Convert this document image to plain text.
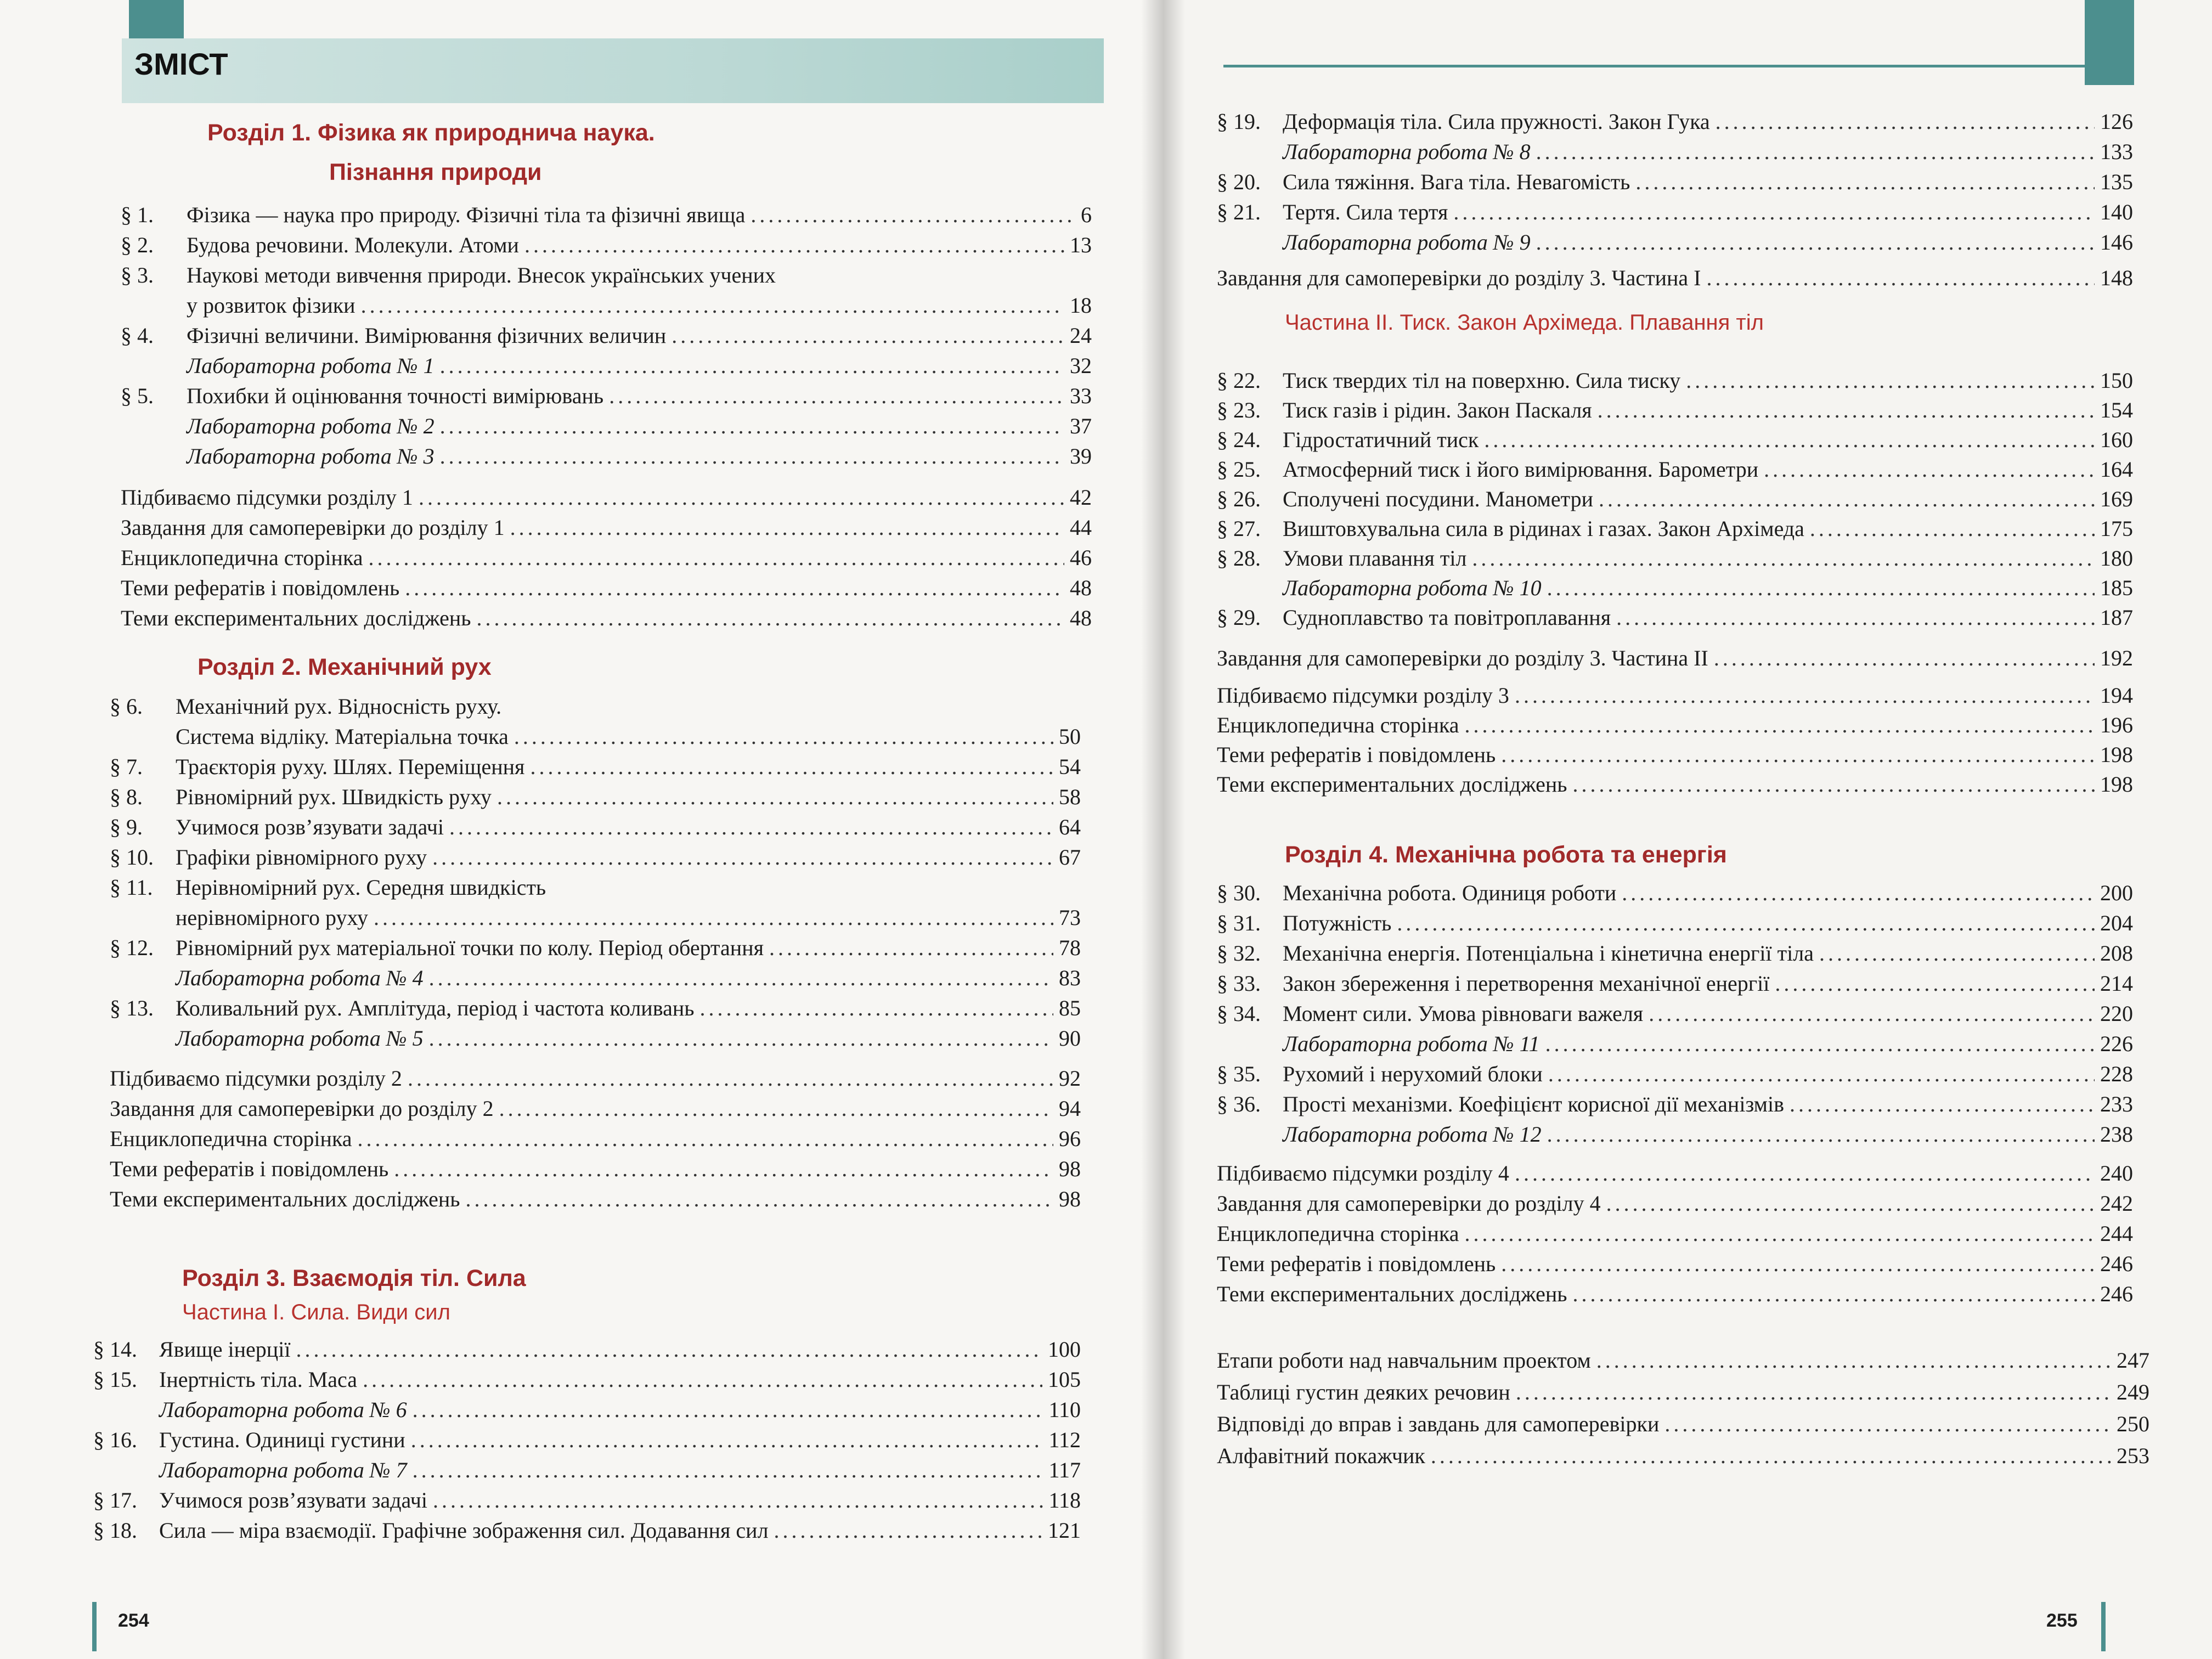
ЗМІСТ
Розділ 1. Фізика як природнича наука.
Пізнання природи
§ 1.	Фізика — наука про природу. Фізичні тіла та фізичні явища .....	6
§ 2.	Будова речовини. Молекули. Атоми .....	13
§ 3.	Наукові методи вивчення природи. Внесок українських учених
у розвиток фізики .....	18
§ 4.	Фізичні величини. Вимірювання фізичних величин .....	24
Лабораторна робота № 1 .....	32
§ 5.	Похибки й оцінювання точності вимірювань .....	33
Лабораторна робота № 2 .....	37
Лабораторна робота № 3 .....	39
Підбиваємо підсумки розділу 1 .....	42
Завдання для самоперевірки до розділу 1 .....	44
Енциклопедична сторінка .....	46
Теми рефератів і повідомлень .....	48
Теми експериментальних досліджень .....	48
Розділ 2. Механічний рух
§ 6.	Механічний рух. Відносність руху.
Система відліку. Матеріальна точка .....	50
§ 7.	Траєкторія руху. Шлях. Переміщення .....	54
§ 8.	Рівномірний рух. Швидкість руху .....	58
§ 9.	Учимося розв’язувати задачі .....	64
§ 10.	Графіки рівномірного руху .....	67
§ 11.	Нерівномірний рух. Середня швидкість
нерівномірного руху .....	73
§ 12.	Рівномірний рух матеріальної точки по колу. Період обертання .....	78
Лабораторна робота № 4 .....	83
§ 13.	Коливальний рух. Амплітуда, період і частота коливань .....	85
Лабораторна робота № 5 .....	90
Підбиваємо підсумки розділу 2 .....	92
Завдання для самоперевірки до розділу 2 .....	94
Енциклопедична сторінка .....	96
Теми рефератів і повідомлень .....	98
Теми експериментальних досліджень .....	98
Розділ 3. Взаємодія тіл. Сила
Частина І. Сила. Види сил
§ 14.	Явище інерції .....	100
§ 15.	Інертність тіла. Маса .....	105
Лабораторна робота № 6 .....	110
§ 16.	Густина. Одиниці густини .....	112
Лабораторна робота № 7 .....	117
§ 17.	Учимося розв’язувати задачі .....	118
§ 18.	Сила — міра взаємодії. Графічне зображення сил. Додавання сил .....	121
§ 19.	Деформація тіла. Сила пружності. Закон Гука .....	126
Лабораторна робота № 8 .....	133
§ 20.	Сила тяжіння. Вага тіла. Невагомість .....	135
§ 21.	Тертя. Сила тертя .....	140
Лабораторна робота № 9 .....	146
Завдання для самоперевірки до розділу 3. Частина І .....	148
Частина ІІ. Тиск. Закон Архімеда. Плавання тіл
§ 22.	Тиск твердих тіл на поверхню. Сила тиску .....	150
§ 23.	Тиск газів і рідин. Закон Паскаля .....	154
§ 24.	Гідростатичний тиск .....	160
§ 25.	Атмосферний тиск і його вимірювання. Барометри .....	164
§ 26.	Сполучені посудини. Манометри .....	169
§ 27.	Виштовхувальна сила в рідинах і газах. Закон Архімеда .....	175
§ 28.	Умови плавання тіл .....	180
Лабораторна робота № 10 .....	185
§ 29.	Судноплавство та повітроплавання .....	187
Завдання для самоперевірки до розділу 3. Частина ІІ .....	192
Підбиваємо підсумки розділу 3 .....	194
Енциклопедична сторінка .....	196
Теми рефератів і повідомлень .....	198
Теми експериментальних досліджень .....	198
Розділ 4. Механічна робота та енергія
§ 30.	Механічна робота. Одиниця роботи .....	200
§ 31.	Потужність .....	204
§ 32.	Механічна енергія. Потенціальна і кінетична енергії тіла .....	208
§ 33.	Закон збереження і перетворення механічної енергії .....	214
§ 34.	Момент сили. Умова рівноваги важеля .....	220
Лабораторна робота № 11 .....	226
§ 35.	Рухомий і нерухомий блоки .....	228
§ 36.	Прості механізми. Коефіцієнт корисної дії механізмів .....	233
Лабораторна робота № 12 .....	238
Підбиваємо підсумки розділу 4 .....	240
Завдання для самоперевірки до розділу 4 .....	242
Енциклопедична сторінка .....	244
Теми рефератів і повідомлень .....	246
Теми експериментальних досліджень .....	246
Етапи роботи над навчальним проектом .....	247
Таблиці густин деяких речовин .....	249
Відповіді до вправ і завдань для самоперевірки .....	250
Алфавітний покажчик .....	253
254	255
